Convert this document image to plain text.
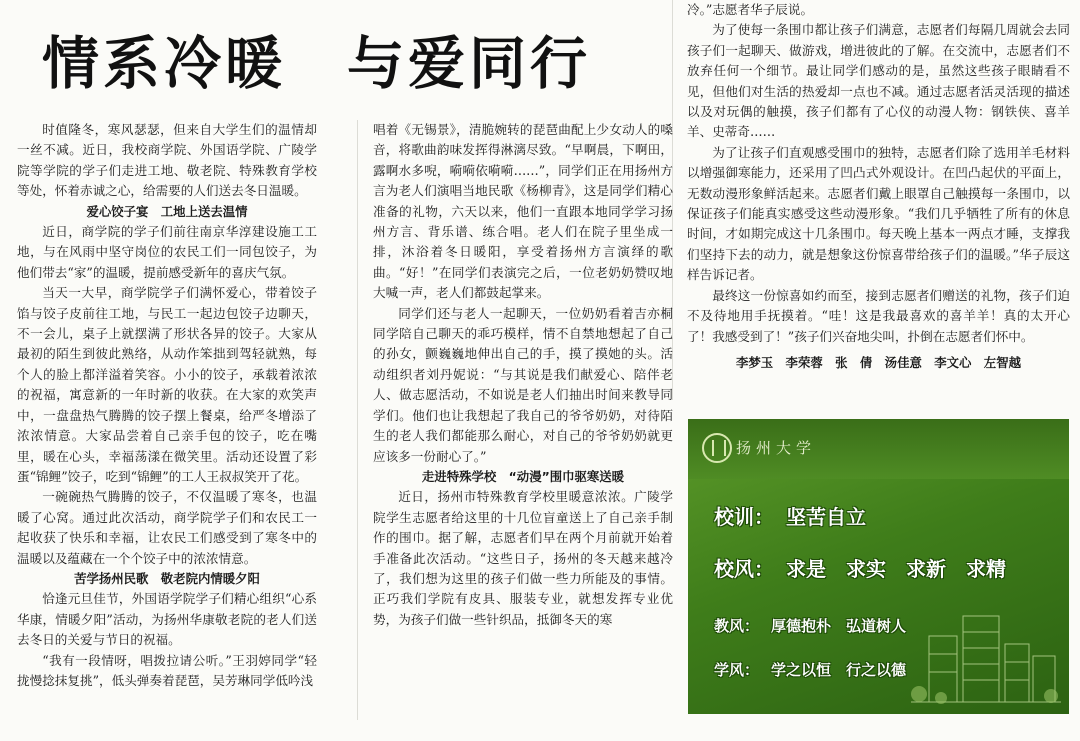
情系冷暖　与爱同行

时值隆冬，寒风瑟瑟，但来自大学生们的温情却一丝不减。近日，我校商学院、外国语学院、广陵学院等学院的学子们走进工地、敬老院、特殊教育学校等处，怀着赤诚之心，给需要的人们送去冬日温暖。

爱心饺子宴　工地上送去温情

近日，商学院的学子们前往南京华淳建设施工工地，与在风雨中坚守岗位的农民工们一同包饺子，为他们带去“家”的温暖，提前感受新年的喜庆气氛。

当天一大早，商学院学子们满怀爱心，带着饺子馅与饺子皮前往工地，与民工一起边包饺子边聊天，不一会儿，桌子上就摆满了形状各异的饺子。大家从最初的陌生到彼此熟络，从动作笨拙到驾轻就熟，每个人的脸上都洋溢着笑容。小小的饺子，承载着浓浓的祝福，寓意新的一年时新的收获。在大家的欢笑声中，一盘盘热气腾腾的饺子摆上餐桌，给严冬增添了浓浓情意。大家品尝着自己亲手包的饺子，吃在嘴里，暖在心头，幸福荡漾在微笑里。活动还设置了彩蛋“锦鲤”饺子，吃到“锦鲤”的工人王叔叔笑开了花。

一碗碗热气腾腾的饺子，不仅温暖了寒冬，也温暖了心窝。通过此次活动，商学院学子们和农民工一起收获了快乐和幸福，让农民工们感受到了寒冬中的温暖以及蕴藏在一个个饺子中的浓浓情意。

苦学扬州民歌　敬老院内情暖夕阳

恰逢元旦佳节，外国语学院学子们精心组织“心系华康，情暖夕阳”活动，为扬州华康敬老院的老人们送去冬日的关爱与节日的祝福。

“我有一段情呀，唱拨拉请公听。”王羽婷同学“轻拢慢捻抹复挑”，低头弹奏着琵琶，吴芳琳同学低吟浅

唱着《无锡景》，清脆婉转的琵琶曲配上少女动人的嗓音，将歌曲韵味发挥得淋漓尽致。“早啊晨，下啊田，露啊水多唲，嗬嗬依嗬嗬……”，同学们正在用扬州方言为老人们演唱当地民歌《杨柳青》，这是同学们精心准备的礼物，六天以来，他们一直跟本地同学学习扬州方言、背乐谱、练合唱。老人们在院子里坐成一排，沐浴着冬日暖阳，享受着扬州方言演绎的歌曲。“好！”在同学们表演完之后，一位老奶奶赞叹地大喊一声，老人们都鼓起掌来。

同学们还与老人一起聊天，一位奶奶看着吉亦桐同学陪自己聊天的乖巧模样，情不自禁地想起了自己的孙女，颤巍巍地伸出自己的手，摸了摸她的头。活动组织者刘丹妮说：“与其说是我们献爱心、陪伴老人、做志愿活动，不如说是老人们抽出时间来教导同学们。他们也让我想起了我自己的爷爷奶奶，对待陌生的老人我们都能那么耐心，对自己的爷爷奶奶就更应该多一份耐心了。”

走进特殊学校　“动漫”围巾驱寒送暖

近日，扬州市特殊教育学校里暖意浓浓。广陵学院学生志愿者给这里的十几位盲童送上了自己亲手制作的围巾。据了解，志愿者们早在两个月前就开始着手准备此次活动。“这些日子，扬州的冬天越来越冷了，我们想为这里的孩子们做一些力所能及的事情。正巧我们学院有皮具、服装专业，就想发挥专业优势，为孩子们做一些针织品，抵御冬天的寒

冷。”志愿者华子辰说。

为了使每一条围巾都让孩子们满意，志愿者们每隔几周就会去同孩子们一起聊天、做游戏，增进彼此的了解。在交流中，志愿者们不放弃任何一个细节。最让同学们感动的是，虽然这些孩子眼睛看不见，但他们对生活的热爱却一点也不减。通过志愿者活灵活现的描述以及对玩偶的触摸，孩子们都有了心仪的动漫人物：钢铁侠、喜羊羊、史蒂奇……

为了让孩子们直观感受围巾的独特，志愿者们除了选用羊毛材料以增强御寒能力，还采用了凹凸式外观设计。在凹凸起伏的平面上，无数动漫形象鲜活起来。志愿者们戴上眼罩自己触摸每一条围巾，以保证孩子们能真实感受这些动漫形象。“我们几乎牺牲了所有的休息时间，才如期完成这十几条围巾。每天晚上基本一两点才睡，支撑我们坚持下去的动力，就是想象这份惊喜带给孩子们的温暖。”华子辰这样告诉记者。

最终这一份惊喜如约而至，接到志愿者们赠送的礼物，孩子们迫不及待地用手抚摸着。“哇！这是我最喜欢的喜羊羊！真的太开心了！我感受到了！”孩子们兴奋地尖叫，扑倒在志愿者们怀中。

李梦玉　李荣蓉　张　倩　汤佳意　李文心　左智越
扬州大学
校训： 坚苦自立
校风： 求是　求实　求新　求精
教风： 厚德抱朴　弘道树人
学风： 学之以恒　行之以德
